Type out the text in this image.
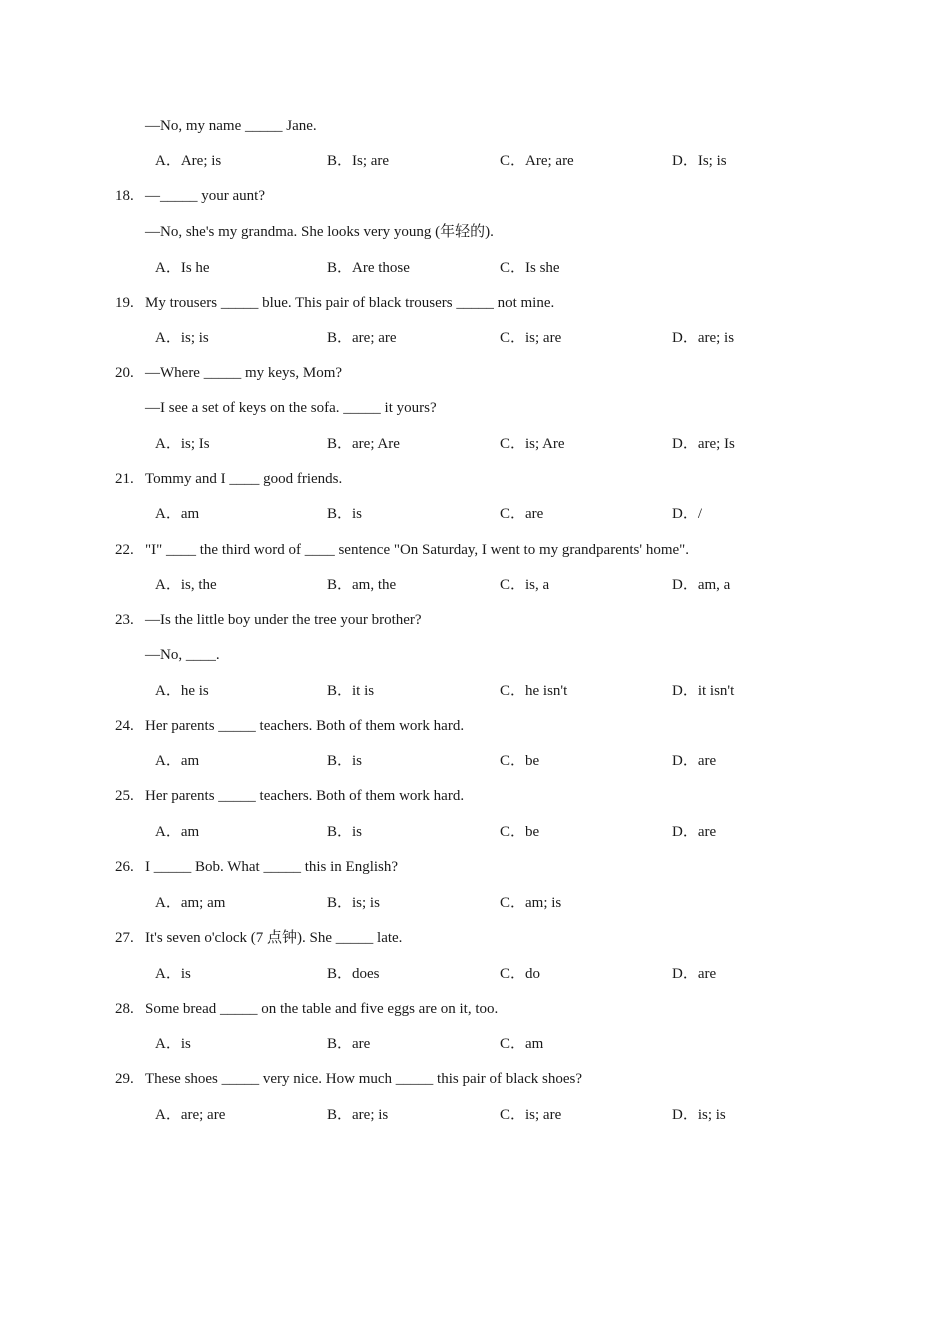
—No, my name _____ Jane.
A．Are; is	B．Is; are	C．Are; are	D．Is; is
18. —_____ your aunt?
—No, she's my grandma. She looks very young (年轻的).
A．Is he	B．Are those	C．Is she
19. My trousers _____ blue. This pair of black trousers _____ not mine.
A．is; is	B．are; are	C．is; are	D．are; is
20. —Where _____ my keys, Mom?
—I see a set of keys on the sofa. _____ it yours?
A．is; Is	B．are; Are	C．is; Are	D．are; Is
21. Tommy and I ____ good friends.
A．am	B．is	C．are	D．/
22. "I" ____ the third word of ____ sentence "On Saturday, I went to my grandparents' home".
A．is, the	B．am, the	C．is, a	D．am, a
23. —Is the little boy under the tree your brother?
—No, ____.
A．he is	B．it is	C．he isn't	D．it isn't
24. Her parents _____ teachers. Both of them work hard.
A．am	B．is	C．be	D．are
25. Her parents _____ teachers. Both of them work hard.
A．am	B．is	C．be	D．are
26. I _____ Bob. What _____ this in English?
A．am; am	B．is; is	C．am; is
27. It's seven o'clock (7 点钟). She _____ late.
A．is	B．does	C．do	D．are
28. Some bread _____ on the table and five eggs are on it, too.
A．is	B．are	C．am
29. These shoes _____ very nice. How much _____ this pair of black shoes?
A．are; are	B．are; is	C．is; are	D．is; is
